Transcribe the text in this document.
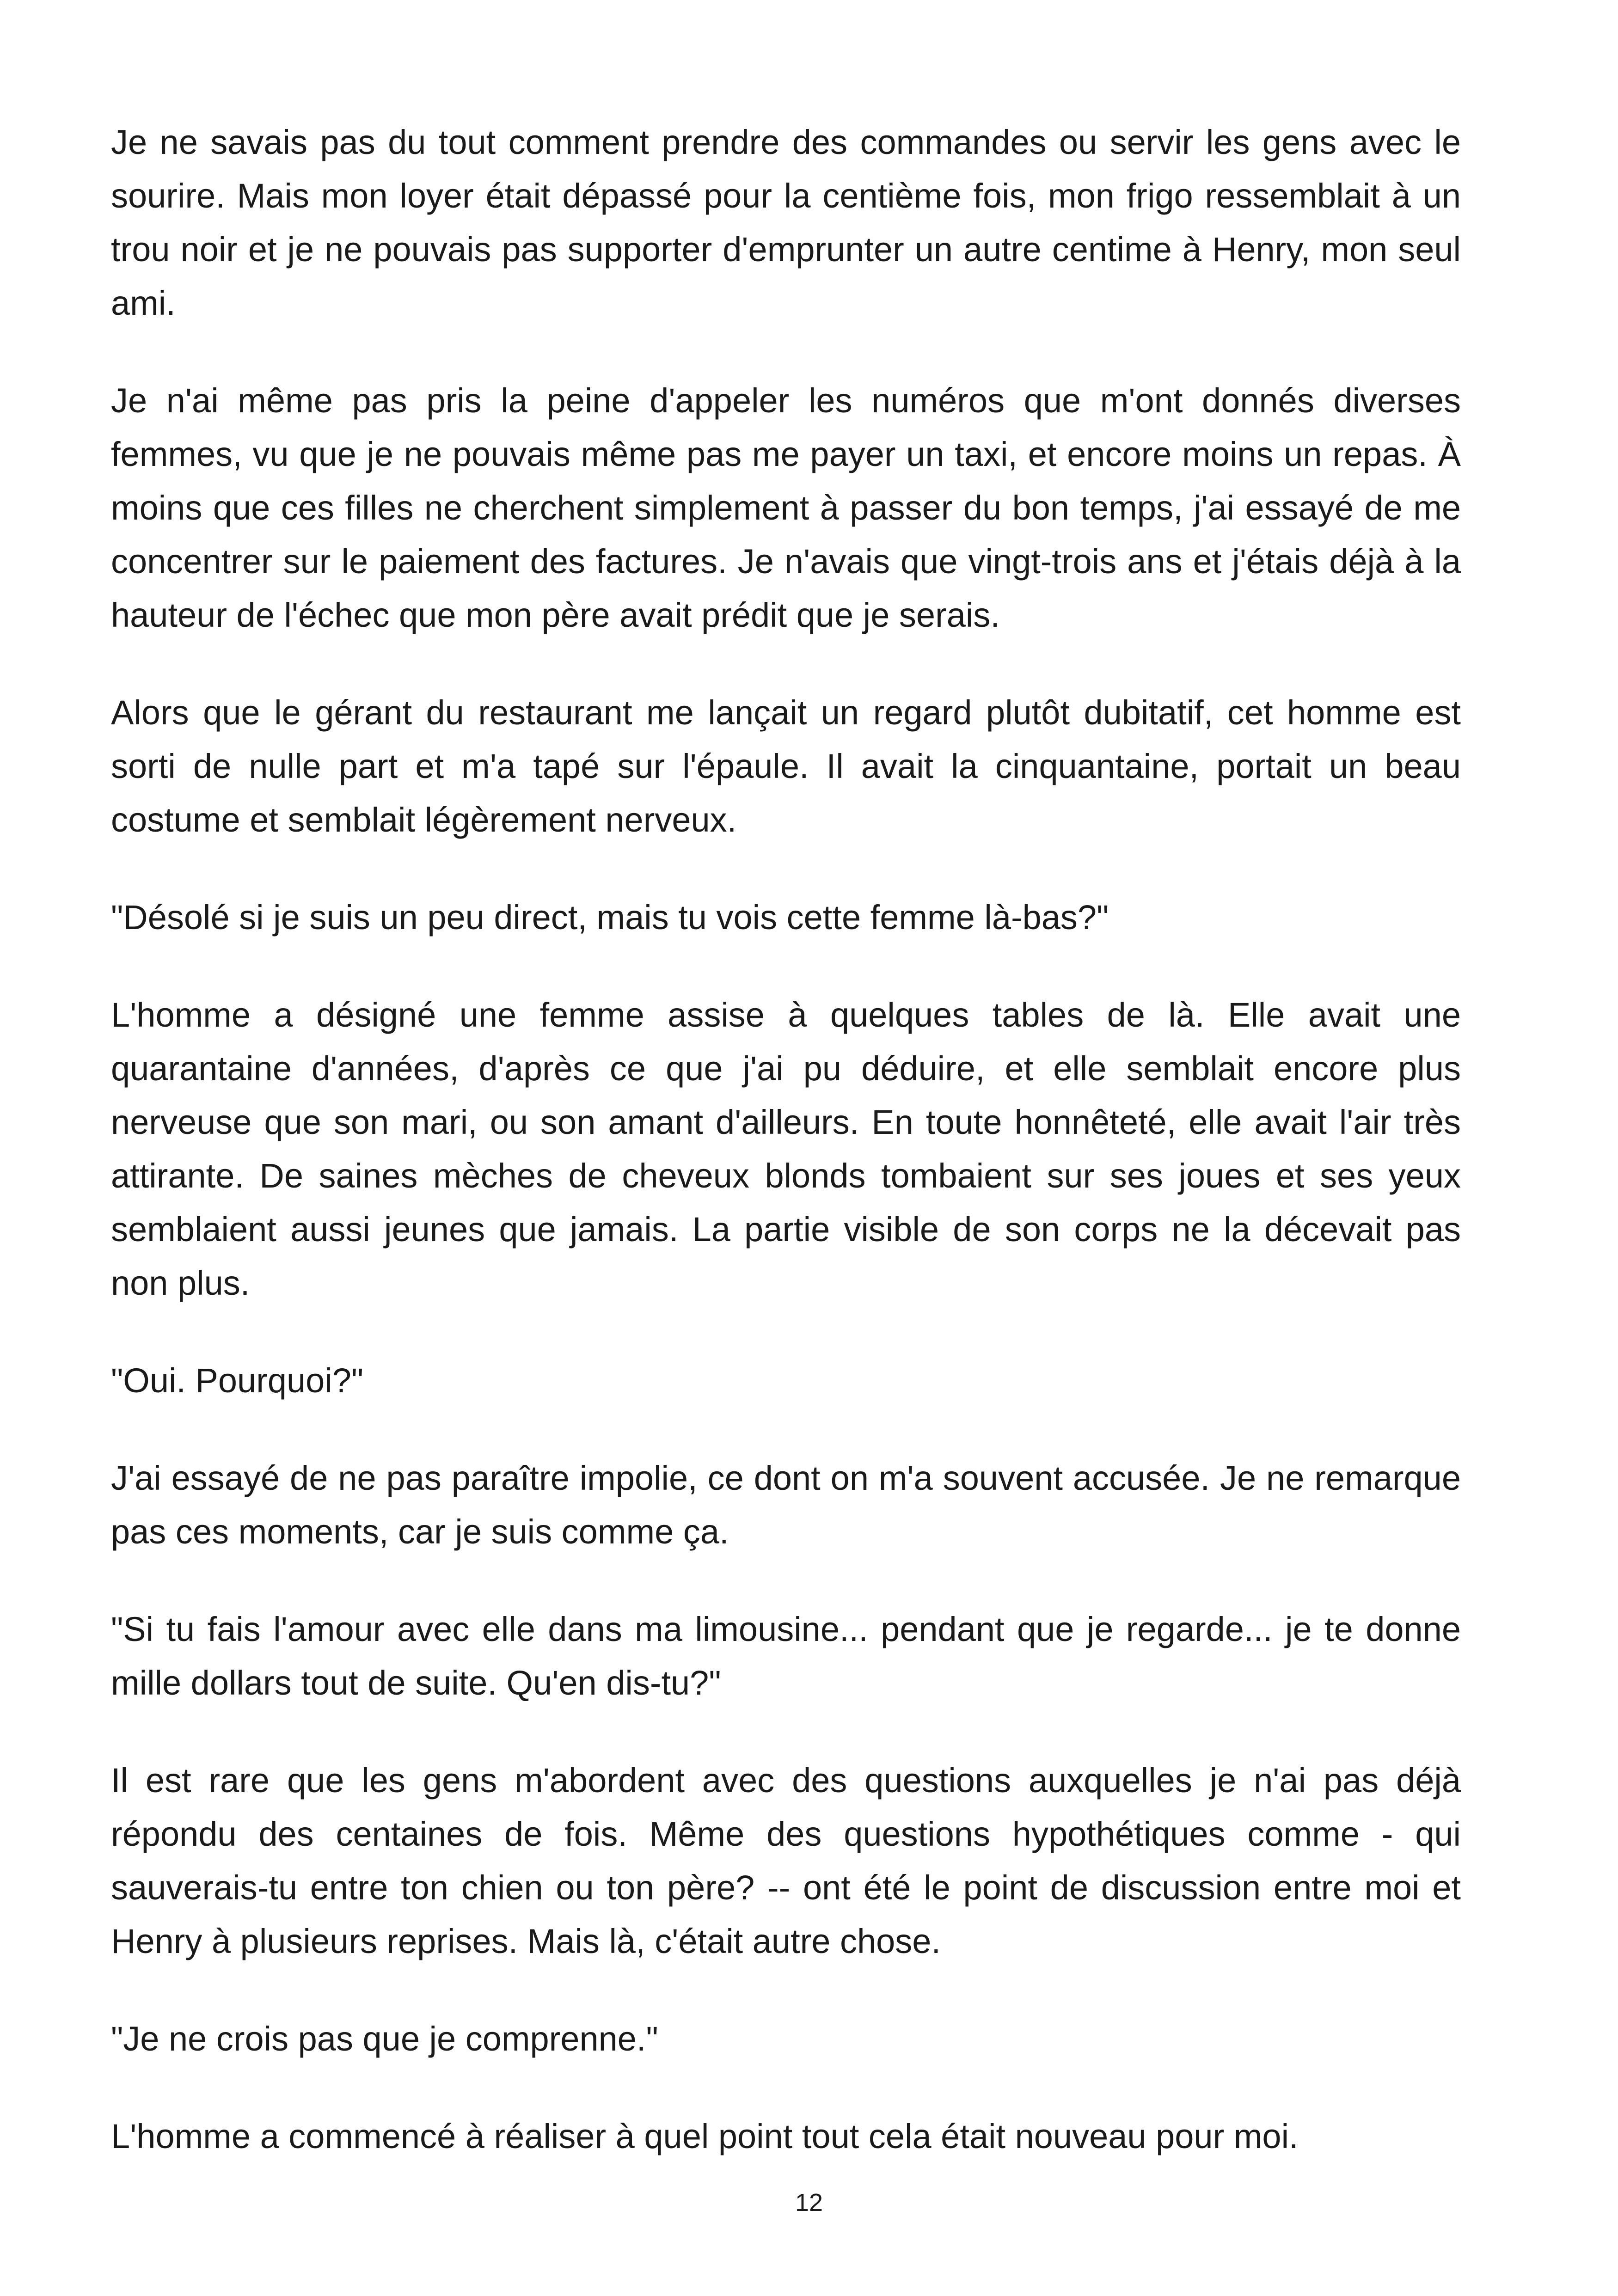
Je ne savais pas du tout comment prendre des commandes ou servir les gens avec le sourire. Mais mon loyer était dépassé pour la centième fois, mon frigo ressemblait à un trou noir et je ne pouvais pas supporter d'emprunter un autre centime à Henry, mon seul ami.

Je n'ai même pas pris la peine d'appeler les numéros que m'ont donnés diverses femmes, vu que je ne pouvais même pas me payer un taxi, et encore moins un repas. À moins que ces filles ne cherchent simplement à passer du bon temps, j'ai essayé de me concentrer sur le paiement des factures. Je n'avais que vingt-trois ans et j'étais déjà à la hauteur de l'échec que mon père avait prédit que je serais.

Alors que le gérant du restaurant me lançait un regard plutôt dubitatif, cet homme est sorti de nulle part et m'a tapé sur l'épaule. Il avait la cinquantaine, portait un beau costume et semblait légèrement nerveux.

"Désolé si je suis un peu direct, mais tu vois cette femme là-bas?"

L'homme a désigné une femme assise à quelques tables de là. Elle avait une quarantaine d'années, d'après ce que j'ai pu déduire, et elle semblait encore plus nerveuse que son mari, ou son amant d'ailleurs. En toute honnêteté, elle avait l'air très attirante. De saines mèches de cheveux blonds tombaient sur ses joues et ses yeux semblaient aussi jeunes que jamais. La partie visible de son corps ne la décevait pas non plus.

"Oui. Pourquoi?"

J'ai essayé de ne pas paraître impolie, ce dont on m'a souvent accusée. Je ne remarque pas ces moments, car je suis comme ça.

"Si tu fais l'amour avec elle dans ma limousine... pendant que je regarde... je te donne mille dollars tout de suite. Qu'en dis-tu?"

Il est rare que les gens m'abordent avec des questions auxquelles je n'ai pas déjà répondu des centaines de fois. Même des questions hypothétiques comme - qui sauverais-tu entre ton chien ou ton père? -- ont été le point de discussion entre moi et Henry à plusieurs reprises. Mais là, c'était autre chose.

"Je ne crois pas que je comprenne."

L'homme a commencé à réaliser à quel point tout cela était nouveau pour moi.

12
